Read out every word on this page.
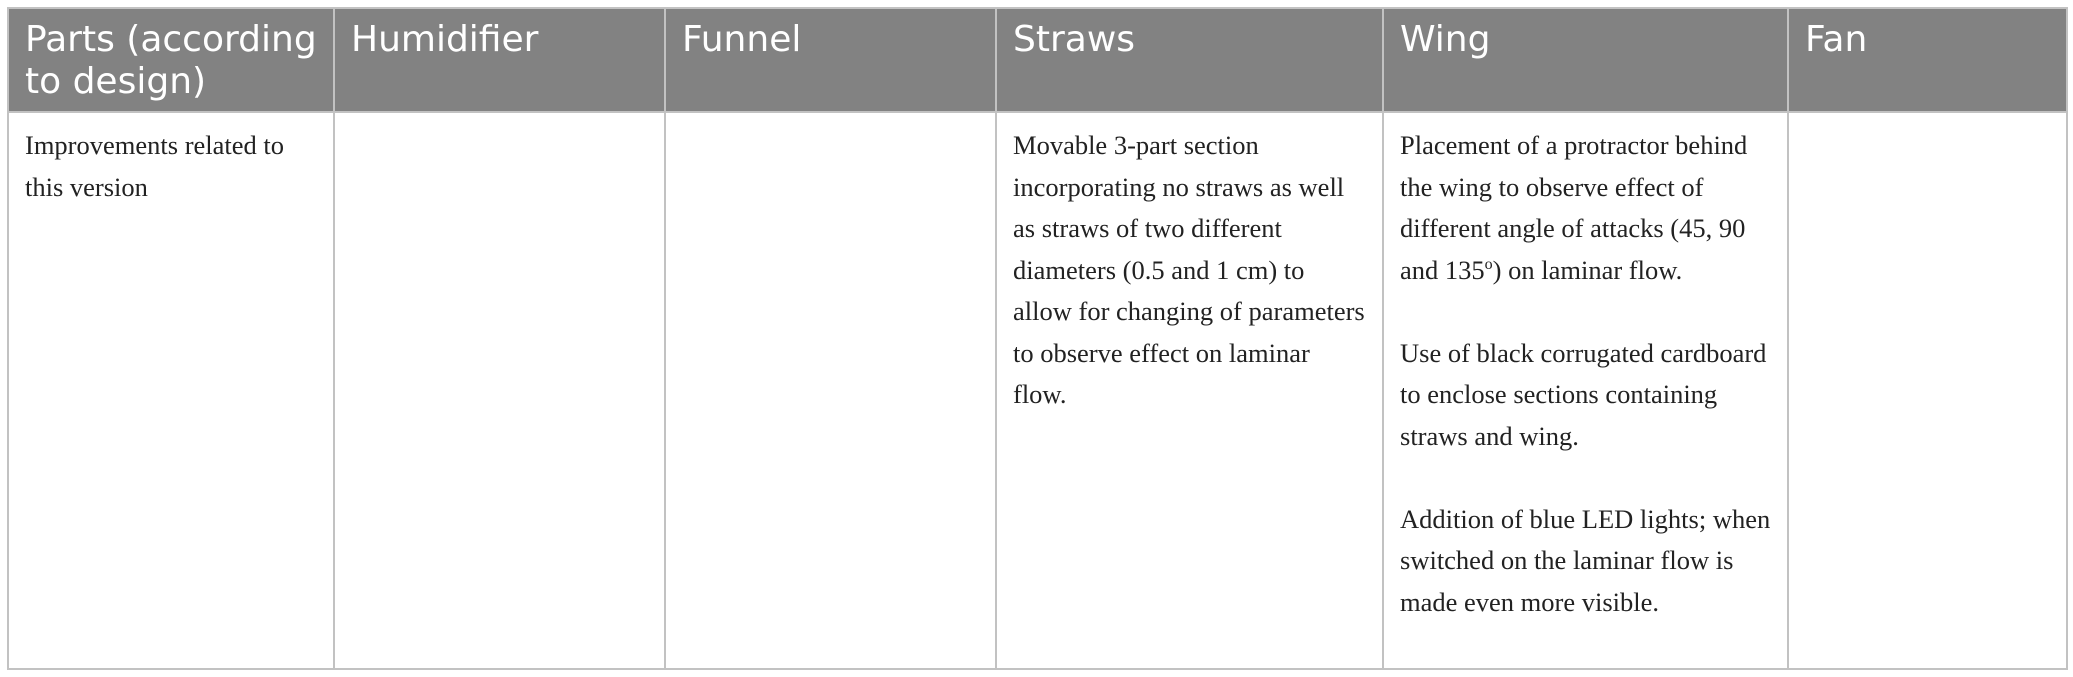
Parts (according to design)	Humidifier	Funnel	Straws	Wing	Fan
Improvements related to this version			Movable 3-part section incorporating no straws as well as straws of two different diameters (0.5 and 1 cm) to allow for changing of parameters to observe effect on laminar flow.	Placement of a protractor behind the wing to observe effect of different angle of attacks (45, 90 and 135$^o$) on laminar flow.

Use of black corrugated cardboard to enclose sections containing straws and wing.

Addition of blue LED lights; when switched on the laminar flow is made even more visible.	
